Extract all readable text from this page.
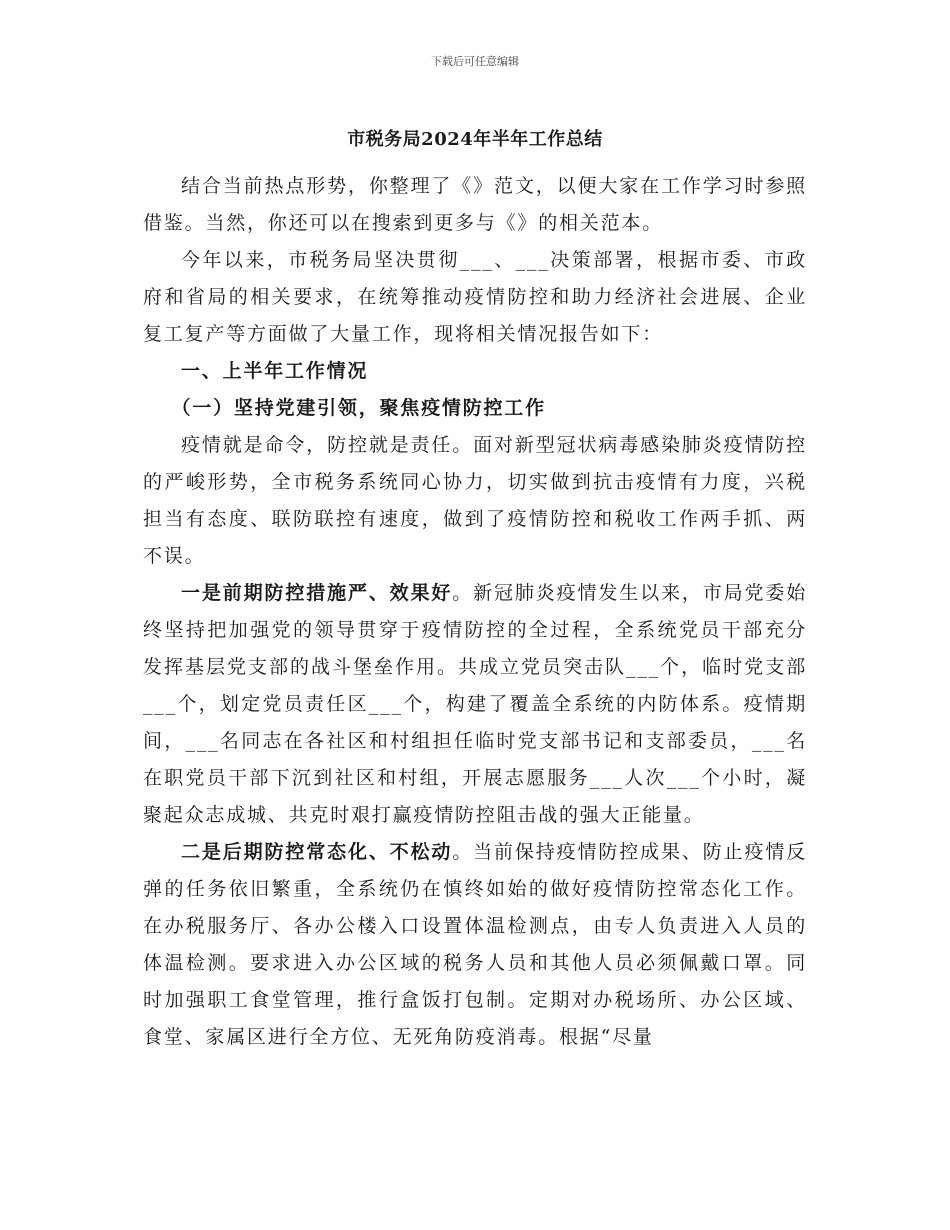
下载后可任意编辑
市税务局2024年半年工作总结

结合当前热点形势，你整理了《》范文，以便大家在工作学习时参照借鉴。当然，你还可以在搜索到更多与《》的相关范本。

今年以来，市税务局坚决贯彻___、___决策部署，根据市委、市政府和省局的相关要求，在统筹推动疫情防控和助力经济社会进展、企业复工复产等方面做了大量工作，现将相关情况报告如下：

一、上半年工作情况

（一）坚持党建引领，聚焦疫情防控工作

疫情就是命令，防控就是责任。面对新型冠状病毒感染肺炎疫情防控的严峻形势，全市税务系统同心协力，切实做到抗击疫情有力度，兴税担当有态度、联防联控有速度，做到了疫情防控和税收工作两手抓、两不误。

一是前期防控措施严、效果好。新冠肺炎疫情发生以来，市局党委始终坚持把加强党的领导贯穿于疫情防控的全过程，全系统党员干部充分发挥基层党支部的战斗堡垒作用。共成立党员突击队___个，临时党支部___个，划定党员责任区___个，构建了覆盖全系统的内防体系。疫情期间，___名同志在各社区和村组担任临时党支部书记和支部委员，___名在职党员干部下沉到社区和村组，开展志愿服务___人次___个小时，凝聚起众志成城、共克时艰打赢疫情防控阻击战的强大正能量。

二是后期防控常态化、不松动。当前保持疫情防控成果、防止疫情反弹的任务依旧繁重，全系统仍在慎终如始的做好疫情防控常态化工作。在办税服务厅、各办公楼入口设置体温检测点，由专人负责进入人员的体温检测。要求进入办公区域的税务人员和其他人员必须佩戴口罩。同时加强职工食堂管理，推行盒饭打包制。定期对办税场所、办公区域、食堂、家属区进行全方位、无死角防疫消毒。根据“尽量
